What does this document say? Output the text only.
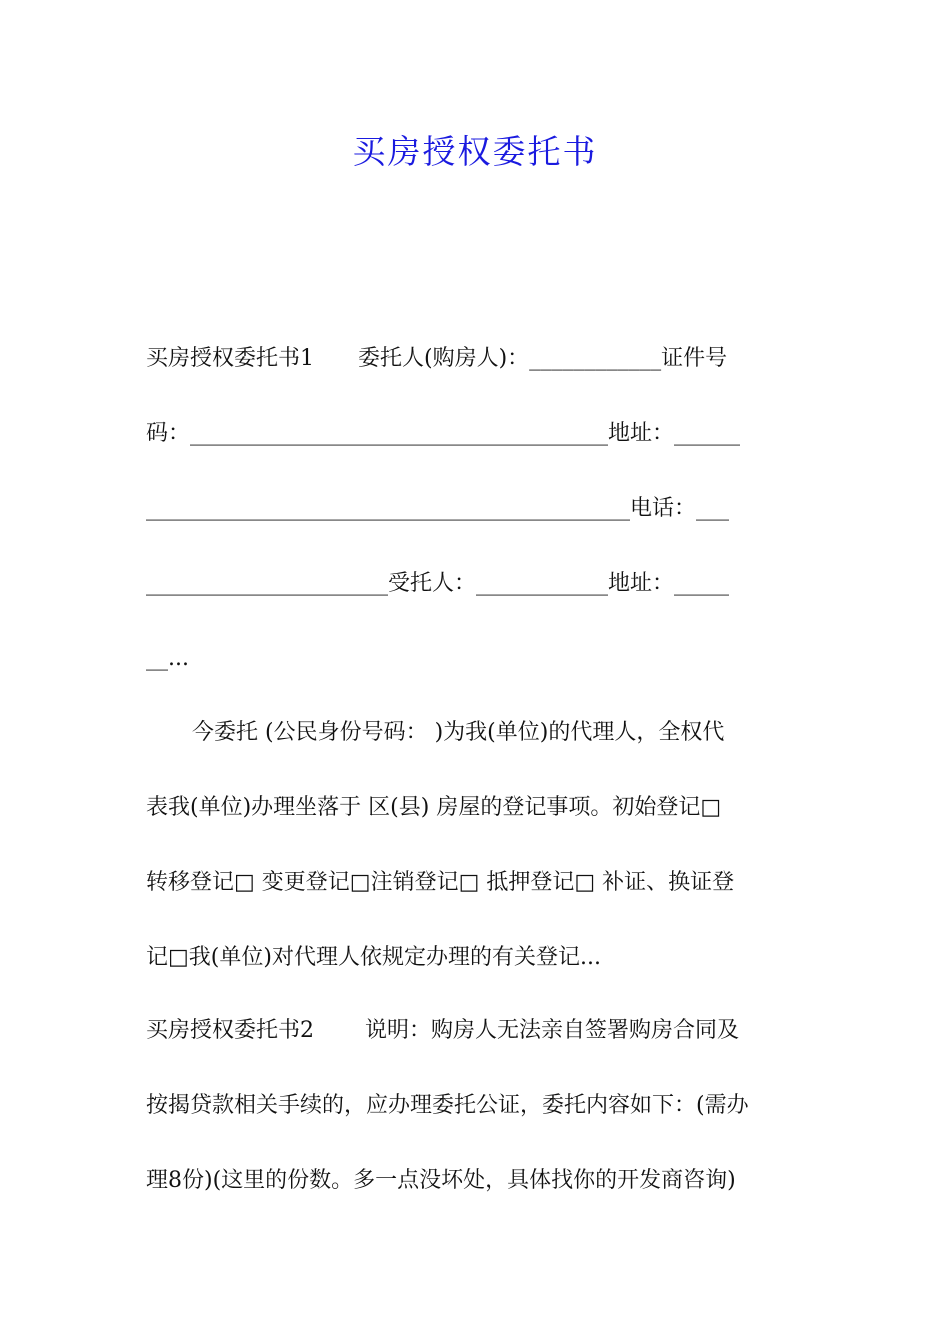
买房授权委托书
买房授权委托书1　　委托人(购房人)：____________证件号
码：______________________________________地址：______
____________________________________________电话：___
______________________受托人：____________地址：_____
__...
今委托 (公民身份号码： )为我(单位)的代理人，全权代
表我(单位)办理坐落于 区(县) 房屋的登记事项。初始登记□
转移登记□ 变更登记□注销登记□ 抵押登记□ 补证、换证登
记□我(单位)对代理人依规定办理的有关登记...
买房授权委托书2　　 说明：购房人无法亲自签署购房合同及
按揭贷款相关手续的，应办理委托公证，委托内容如下：(需办
理8份)(这里的份数。多一点没坏处，具体找你的开发商咨询)
